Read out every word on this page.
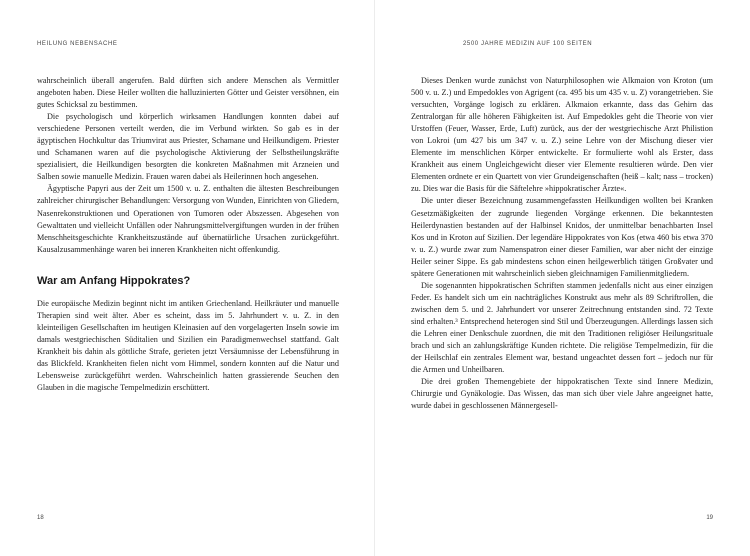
HEILUNG NEBENSACHE

wahrscheinlich überall angerufen. Bald dürften sich andere Menschen als Vermittler angeboten haben. Diese Heiler wollten die halluzinierten Götter und Geister versöhnen, ein gutes Schicksal zu bestimmen.

Die psychologisch und körperlich wirksamen Handlungen konnten dabei auf verschiedene Personen verteilt werden, die im Verbund wirkten. So gab es in der ägyptischen Hochkultur das Triumvirat aus Priester, Schamane und Heilkundigem. Priester und Schamanen waren auf die psychologische Aktivierung der Selbstheilungskräfte spezialisiert, die Heilkundigen besorgten die konkreten Maßnahmen mit Arzneien und Salben sowie manuelle Medizin. Frauen waren dabei als Heilerinnen hoch angesehen.

Ägyptische Papyri aus der Zeit um 1500 v. u. Z. enthalten die ältesten Beschreibungen zahlreicher chirurgischer Behandlungen: Versorgung von Wunden, Einrichten von Gliedern, Nasenrekonstruktionen und Operationen von Tumoren oder Abszessen. Abgesehen von Gewalttaten und vielleicht Unfällen oder Nahrungsmittelvergiftungen wurden in der frühen Menschheitsgeschichte Krankheitszustände auf übernatürliche Ursachen zurückgeführt. Kausalzusammenhänge waren bei inneren Krankheiten nicht offenkundig.

War am Anfang Hippokrates?

Die europäische Medizin beginnt nicht im antiken Griechenland. Heilkräuter und manuelle Therapien sind weit älter. Aber es scheint, dass im 5. Jahrhundert v. u. Z. in den kleinteiligen Gesellschaften im heutigen Kleinasien auf den vorgelagerten Inseln sowie im damals westgriechischen Süditalien und Sizilien ein Paradigmenwechsel stattfand. Galt Krankheit bis dahin als göttliche Strafe, gerieten jetzt Versäumnisse der Lebensführung in das Blickfeld. Krankheiten fielen nicht vom Himmel, sondern konnten auf die Natur und Lebensweise zurückgeführt werden. Wahrscheinlich hatten grassierende Seuchen den Glauben in die magische Tempelmedizin erschüttert.

18
2500 JAHRE MEDIZIN AUF 100 SEITEN

Dieses Denken wurde zunächst von Naturphilosophen wie Alkmaion von Kroton (um 500 v. u. Z.) und Empedokles von Agrigent (ca. 495 bis um 435 v. u. Z) vorangetrieben. Sie versuchten, Vorgänge logisch zu erklären. Alkmaion erkannte, dass das Gehirn das Zentralorgan für alle höheren Fähigkeiten ist. Auf Empedokles geht die Theorie von vier Urstoffen (Feuer, Wasser, Erde, Luft) zurück, aus der der westgriechische Arzt Philistion von Lokroi (um 427 bis um 347 v. u. Z.) seine Lehre von der Mischung dieser vier Elemente im menschlichen Körper entwickelte. Er formulierte wohl als Erster, dass Krankheit aus einem Ungleichgewicht dieser vier Elemente resultieren würde. Den vier Elementen ordnete er ein Quartett von vier Grundeigenschaften (heiß – kalt; nass – trocken) zu. Dies war die Basis für die Säftelehre »hippokratischer Ärzte«.

Die unter dieser Bezeichnung zusammengefassten Heilkundigen wollten bei Kranken Gesetzmäßigkeiten der zugrunde liegenden Vorgänge erkennen. Die bekanntesten Heilerdynastien bestanden auf der Halbinsel Knidos, der unmittelbar benachbarten Insel Kos und in Kroton auf Sizilien. Der legendäre Hippokrates von Kos (etwa 460 bis etwa 370 v. u. Z.) wurde zwar zum Namenspatron einer dieser Familien, war aber nicht der einzige Heiler seiner Sippe. Es gab mindestens schon einen heilgewerblich tätigen Großvater und spätere Generationen mit wahrscheinlich sieben gleichnamigen Familienmitgliedern.

Die sogenannten hippokratischen Schriften stammen jedenfalls nicht aus einer einzigen Feder. Es handelt sich um ein nachträgliches Konstrukt aus mehr als 89 Schriftrollen, die zwischen dem 5. und 2. Jahrhundert vor unserer Zeitrechnung entstanden sind. 72 Texte sind erhalten.³ Entsprechend heterogen sind Stil und Überzeugungen. Allerdings lassen sich die Lehren einer Denkschule zuordnen, die mit den Traditionen religiöser Heilungsrituale brach und sich an zahlungskräftige Kunden richtete. Die religiöse Tempelmedizin, für die der Heilschlaf ein zentrales Element war, bestand ungeachtet dessen fort – jedoch nur für die Armen und Unheilbaren.

Die drei großen Themengebiete der hippokratischen Texte sind Innere Medizin, Chirurgie und Gynäkologie. Das Wissen, das man sich über viele Jahre angeeignet hatte, wurde dabei in geschlossenen Männergesell-

19
